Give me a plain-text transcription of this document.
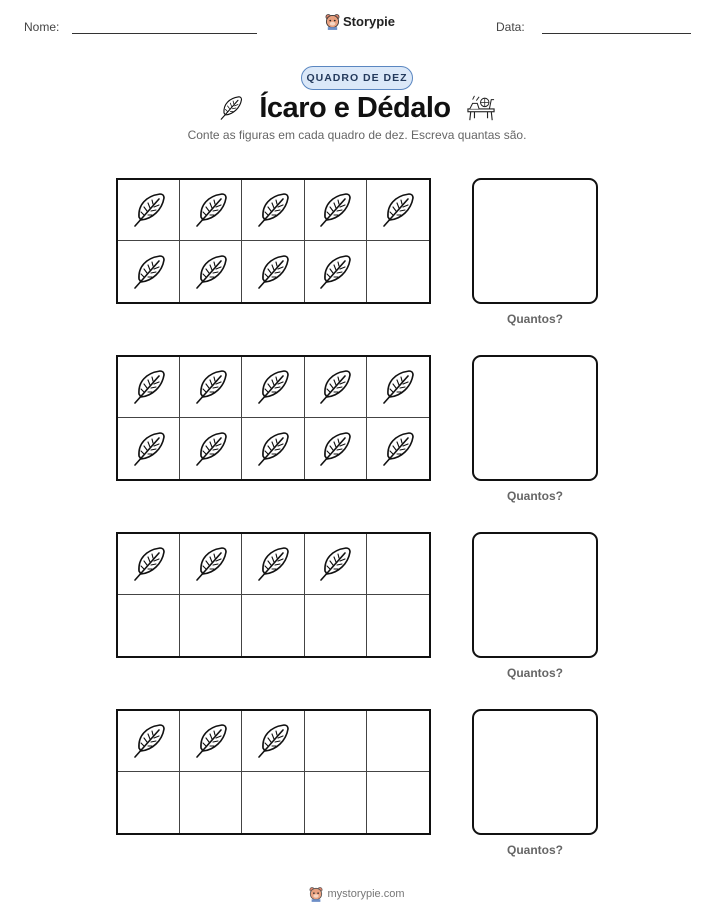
Nome:	Storypie	Data:
QUADRO DE DEZ
Ícaro e Dédalo
Conte as figuras em cada quadro de dez. Escreva quantas são.
Quantos?
Quantos?
Quantos?
Quantos?
mystorypie.com
